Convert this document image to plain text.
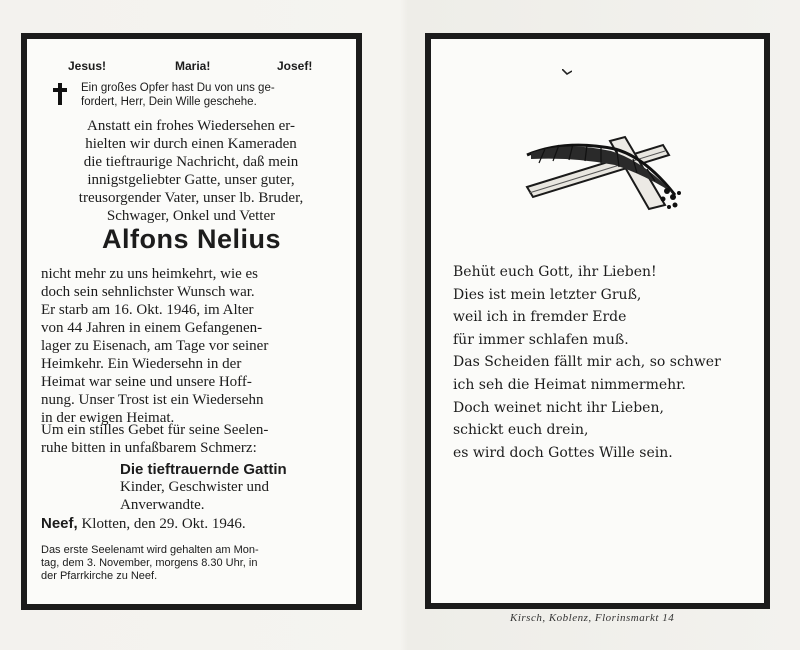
Jesus!	Maria!	Josef!
Ein großes Opfer hast Du von uns ge-
fordert, Herr, Dein Wille geschehe.
Anstatt ein frohes Wiedersehen er-
hielten wir durch einen Kameraden
die tieftraurige Nachricht, daß mein
innigstgeliebter Gatte, unser guter,
treusorgender Vater, unser lb. Bruder,
Schwager, Onkel und Vetter
Alfons Nelius
nicht mehr zu uns heimkehrt, wie es
doch sein sehnlichster Wunsch war.
Er starb am 16. Okt. 1946, im Alter
von 44 Jahren in einem Gefangenen-
lager zu Eisenach, am Tage vor seiner
Heimkehr. Ein Wiedersehn in der
Heimat war seine und unsere Hoff-
nung. Unser Trost ist ein Wiedersehn
in der ewigen Heimat.
Um ein stilles Gebet für seine Seelen-
ruhe bitten in unfaßbarem Schmerz:
Die tieftrauernde Gattin
Kinder, Geschwister und
Anverwandte.
Neef, Klotten, den 29. Okt. 1946.
Das erste Seelenamt wird gehalten am Mon-
tag, dem 3. November, morgens 8.30 Uhr, in
der Pfarrkirche zu Neef.
Behüt euch Gott, ihr Lieben!
Dies ist mein letzter Gruß,
weil ich in fremder Erde
für immer schlafen muß.
Das Scheiden fällt mir ach, so schwer
ich seh die Heimat nimmermehr.
Doch weinet nicht ihr Lieben,
schickt euch drein,
es wird doch Gottes Wille sein.
Kirsch, Koblenz, Florinsmarkt 14
